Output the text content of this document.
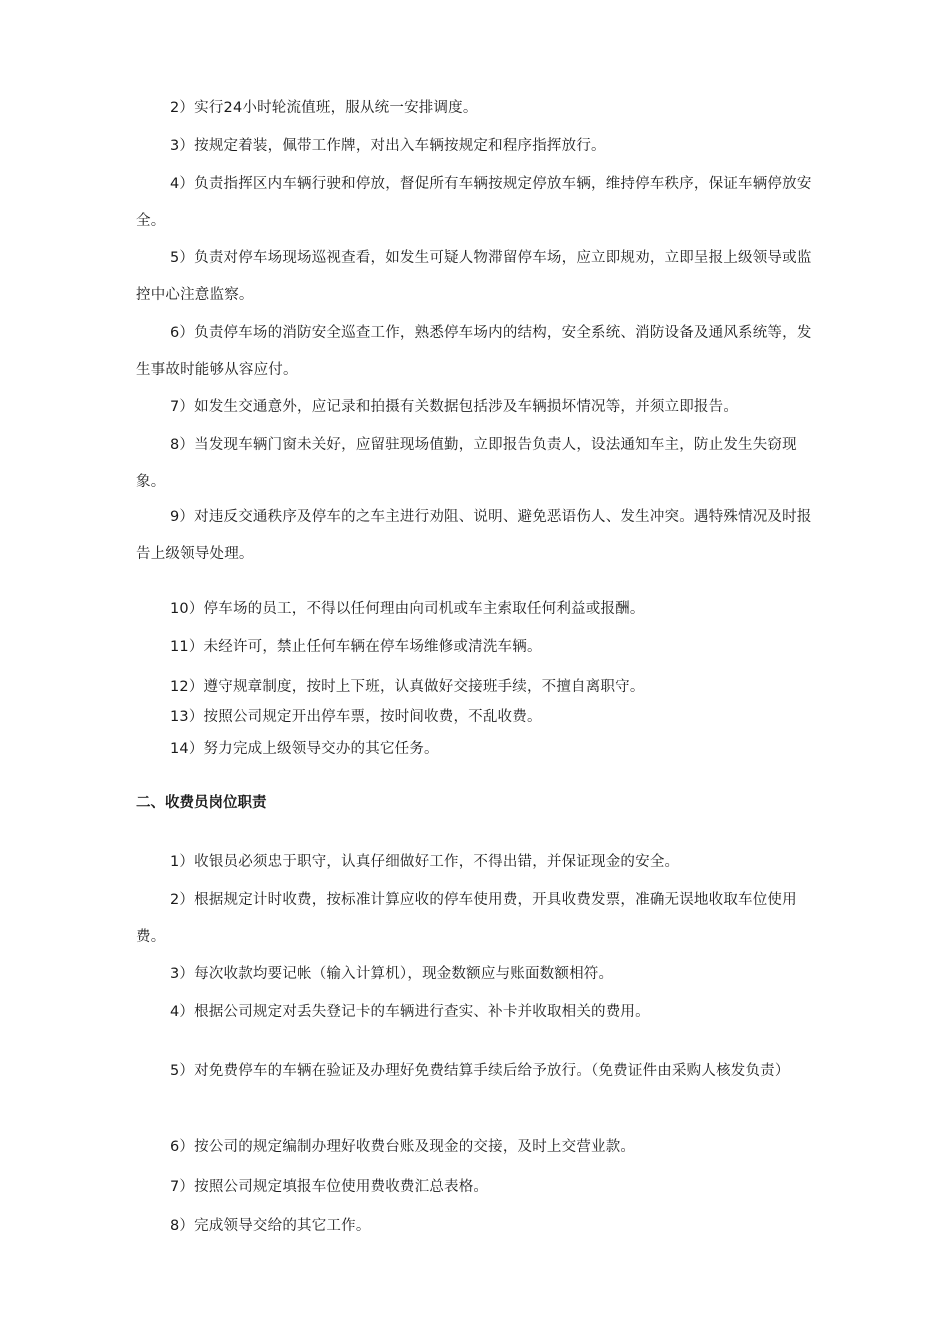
2）实行24小时轮流值班，服从统一安排调度。

3）按规定着装，佩带工作牌，对出入车辆按规定和程序指挥放行。

4）负责指挥区内车辆行驶和停放，督促所有车辆按规定停放车辆，维持停车秩序，保证车辆停放安全。

5）负责对停车场现场巡视查看，如发生可疑人物滞留停车场，应立即规劝，立即呈报上级领导或监控中心注意监察。

6）负责停车场的消防安全巡查工作，熟悉停车场内的结构，安全系统、消防设备及通风系统等，发生事故时能够从容应付。

7）如发生交通意外，应记录和拍摄有关数据包括涉及车辆损坏情况等，并须立即报告。

8）当发现车辆门窗未关好，应留驻现场值勤，立即报告负责人，设法通知车主，防止发生失窃现象。

9）对违反交通秩序及停车的之车主进行劝阻、说明、避免恶语伤人、发生冲突。遇特殊情况及时报告上级领导处理。

10）停车场的员工，不得以任何理由向司机或车主索取任何利益或报酬。

11）未经许可，禁止任何车辆在停车场维修或清洗车辆。

12）遵守规章制度，按时上下班，认真做好交接班手续，不擅自离职守。

13）按照公司规定开出停车票，按时间收费，不乱收费。

14）努力完成上级领导交办的其它任务。

二、收费员岗位职责

1）收银员必须忠于职守，认真仔细做好工作，不得出错，并保证现金的安全。

2）根据规定计时收费，按标准计算应收的停车使用费，开具收费发票，准确无误地收取车位使用费。

3）每次收款均要记帐（输入计算机），现金数额应与账面数额相符。

4）根据公司规定对丢失登记卡的车辆进行查实、补卡并收取相关的费用。

5）对免费停车的车辆在验证及办理好免费结算手续后给予放行。（免费证件由采购人核发负责）

6）按公司的规定编制办理好收费台账及现金的交接，及时上交营业款。

7）按照公司规定填报车位使用费收费汇总表格。

8）完成领导交给的其它工作。
